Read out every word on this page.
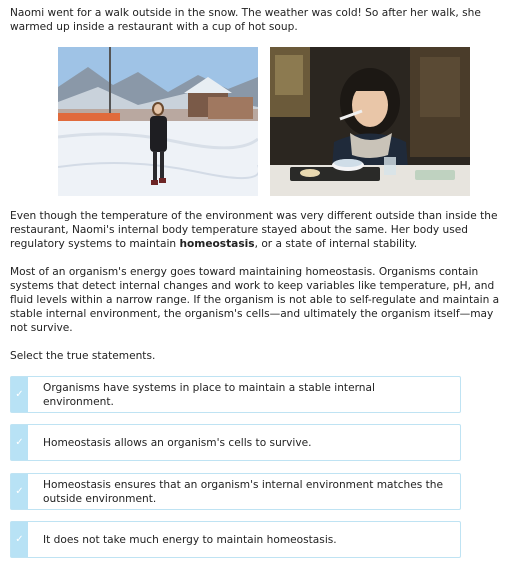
Naomi went for a walk outside in the snow. The weather was cold! So after her walk, she warmed up inside a restaurant with a cup of hot soup.

Even though the temperature of the environment was very different outside than inside the restaurant, Naomi's internal body temperature stayed about the same. Her body used regulatory systems to maintain homeostasis, or a state of internal stability.

Most of an organism's energy goes toward maintaining homeostasis. Organisms contain systems that detect internal changes and work to keep variables like temperature, pH, and fluid levels within a narrow range. If the organism is not able to self-regulate and maintain a stable internal environment, the organism's cells—and ultimately the organism itself—may not survive.

Select the true statements.

✓
Organisms have systems in place to maintain a stable internal environment.
✓	Homeostasis allows an organism's cells to survive.
✓
Homeostasis ensures that an organism's internal environment matches the outside environment.
✓	It does not take much energy to maintain homeostasis.
